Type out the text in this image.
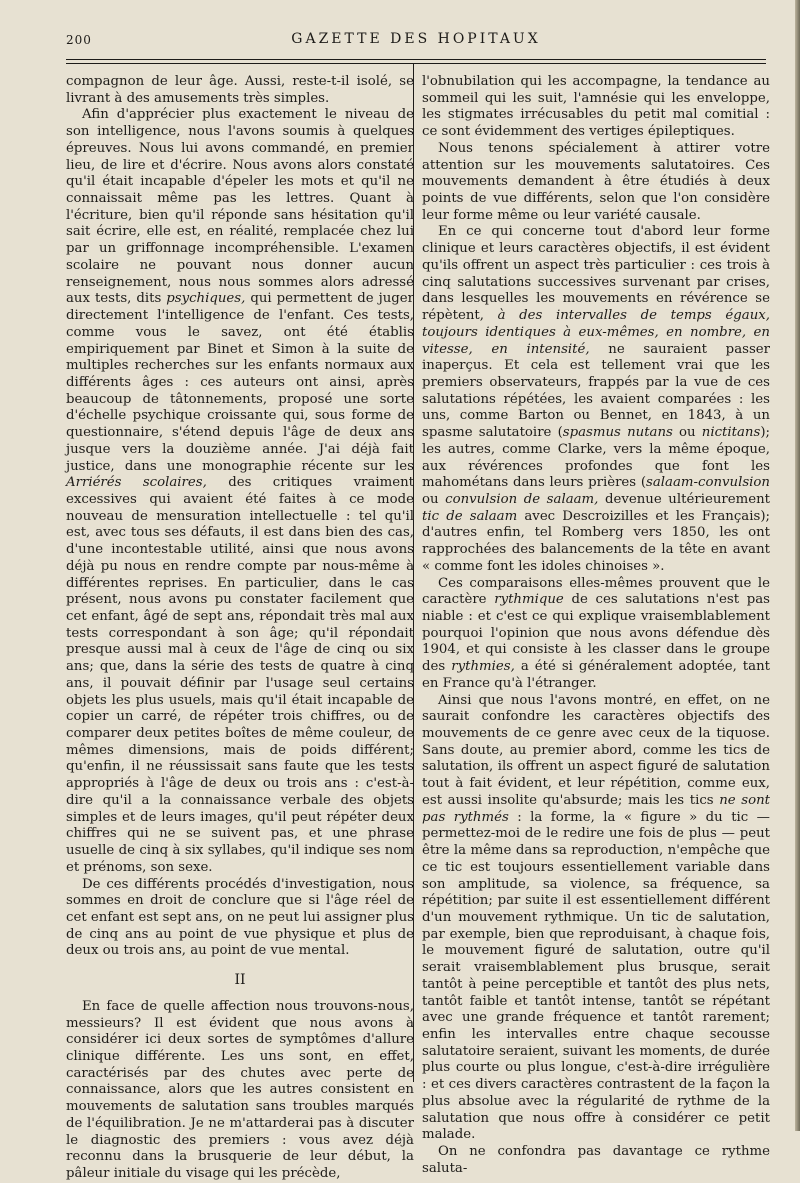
200	GAZETTE DES HOPITAUX

compagnon de leur âge. Aussi, reste-t-il isolé, se livrant à des amusements très simples.

Afin d'apprécier plus exactement le niveau de son intelligence, nous l'avons soumis à quelques épreuves. Nous lui avons commandé, en premier lieu, de lire et d'écrire. Nous avons alors constaté qu'il était incapable d'épeler les mots et qu'il ne connaissait même pas les lettres. Quant à l'écriture, bien qu'il réponde sans hésitation qu'il sait écrire, elle est, en réalité, remplacée chez lui par un griffonnage incompréhensible. L'examen scolaire ne pouvant nous donner aucun renseignement, nous nous sommes alors adressé aux tests, dits psychiques, qui permettent de juger directement l'intelligence de l'enfant. Ces tests, comme vous le savez, ont été établis empiriquement par Binet et Simon à la suite de multiples recherches sur les enfants normaux aux différents âges : ces auteurs ont ainsi, après beaucoup de tâtonnements, proposé une sorte d'échelle psychique croissante qui, sous forme de questionnaire, s'étend depuis l'âge de deux ans jusque vers la douzième année. J'ai déjà fait justice, dans une monographie récente sur les Arriérés scolaires, des critiques vraiment excessives qui avaient été faites à ce mode nouveau de mensuration intellectuelle : tel qu'il est, avec tous ses défauts, il est dans bien des cas, d'une incontestable utilité, ainsi que nous avons déjà pu nous en rendre compte par nous-même à différentes reprises. En particulier, dans le cas présent, nous avons pu constater facilement que cet enfant, âgé de sept ans, répondait très mal aux tests correspondant à son âge; qu'il répondait presque aussi mal à ceux de l'âge de cinq ou six ans; que, dans la série des tests de quatre à cinq ans, il pouvait définir par l'usage seul certains objets les plus usuels, mais qu'il était incapable de copier un carré, de répéter trois chiffres, ou de comparer deux petites boîtes de même couleur, de mêmes dimensions, mais de poids différent; qu'enfin, il ne réussissait sans faute que les tests appropriés à l'âge de deux ou trois ans : c'est-à-dire qu'il a la connaissance verbale des objets simples et de leurs images, qu'il peut répéter deux chiffres qui ne se suivent pas, et une phrase usuelle de cinq à six syllabes, qu'il indique ses nom et prénoms, son sexe.

De ces différents procédés d'investigation, nous sommes en droit de conclure que si l'âge réel de cet enfant est sept ans, on ne peut lui assigner plus de cinq ans au point de vue physique et plus de deux ou trois ans, au point de vue mental.

II

En face de quelle affection nous trouvons-nous, messieurs? Il est évident que nous avons à considérer ici deux sortes de symptômes d'allure clinique différente. Les uns sont, en effet, caractérisés par des chutes avec perte de connaissance, alors que les autres consistent en mouvements de salutation sans troubles marqués de l'équilibration. Je ne m'attarderai pas à discuter le diagnostic des premiers : vous avez déjà reconnu dans la brusquerie de leur début, la pâleur initiale du visage qui les précède,

l'obnubilation qui les accompagne, la tendance au sommeil qui les suit, l'amnésie qui les enveloppe, les stigmates irrécusables du petit mal comitial : ce sont évidemment des vertiges épileptiques.

Nous tenons spécialement à attirer votre attention sur les mouvements salutatoires. Ces mouvements demandent à être étudiés à deux points de vue différents, selon que l'on considère leur forme même ou leur variété causale.

En ce qui concerne tout d'abord leur forme clinique et leurs caractères objectifs, il est évident qu'ils offrent un aspect très particulier : ces trois à cinq salutations successives survenant par crises, dans lesquelles les mouvements en révérence se répètent, à des intervalles de temps égaux, toujours identiques à eux-mêmes, en nombre, en vitesse, en intensité, ne sauraient passer inaperçus. Et cela est tellement vrai que les premiers observateurs, frappés par la vue de ces salutations répétées, les avaient comparées : les uns, comme Barton ou Bennet, en 1843, à un spasme salutatoire (spasmus nutans ou nictitans); les autres, comme Clarke, vers la même époque, aux révérences profondes que font les mahométans dans leurs prières (salaam-convulsion ou convulsion de salaam, devenue ultérieurement tic de salaam avec Descroizilles et les Français); d'autres enfin, tel Romberg vers 1850, les ont rapprochées des balancements de la tête en avant « comme font les idoles chinoises ».

Ces comparaisons elles-mêmes prouvent que le caractère rythmique de ces salutations n'est pas niable : et c'est ce qui explique vraisemblablement pourquoi l'opinion que nous avons défendue dès 1904, et qui consiste à les classer dans le groupe des rythmies, a été si généralement adoptée, tant en France qu'à l'étranger.

Ainsi que nous l'avons montré, en effet, on ne saurait confondre les caractères objectifs des mouvements de ce genre avec ceux de la tiquose. Sans doute, au premier abord, comme les tics de salutation, ils offrent un aspect figuré de salutation tout à fait évident, et leur répétition, comme eux, est aussi insolite qu'absurde; mais les tics ne sont pas rythmés : la forme, la « figure » du tic — permettez-moi de le redire une fois de plus — peut être la même dans sa reproduction, n'empêche que ce tic est toujours essentiellement variable dans son amplitude, sa violence, sa fréquence, sa répétition; par suite il est essentiellement différent d'un mouvement rythmique. Un tic de salutation, par exemple, bien que reproduisant, à chaque fois, le mouvement figuré de salutation, outre qu'il serait vraisemblablement plus brusque, serait tantôt à peine perceptible et tantôt des plus nets, tantôt faible et tantôt intense, tantôt se répétant avec une grande fréquence et tantôt rarement; enfin les intervalles entre chaque secousse salutatoire seraient, suivant les moments, de durée plus courte ou plus longue, c'est-à-dire irrégulière : et ces divers caractères contrastent de la façon la plus absolue avec la régularité de rythme de la salutation que nous offre à considérer ce petit malade.

On ne confondra pas davantage ce rythme saluta-
